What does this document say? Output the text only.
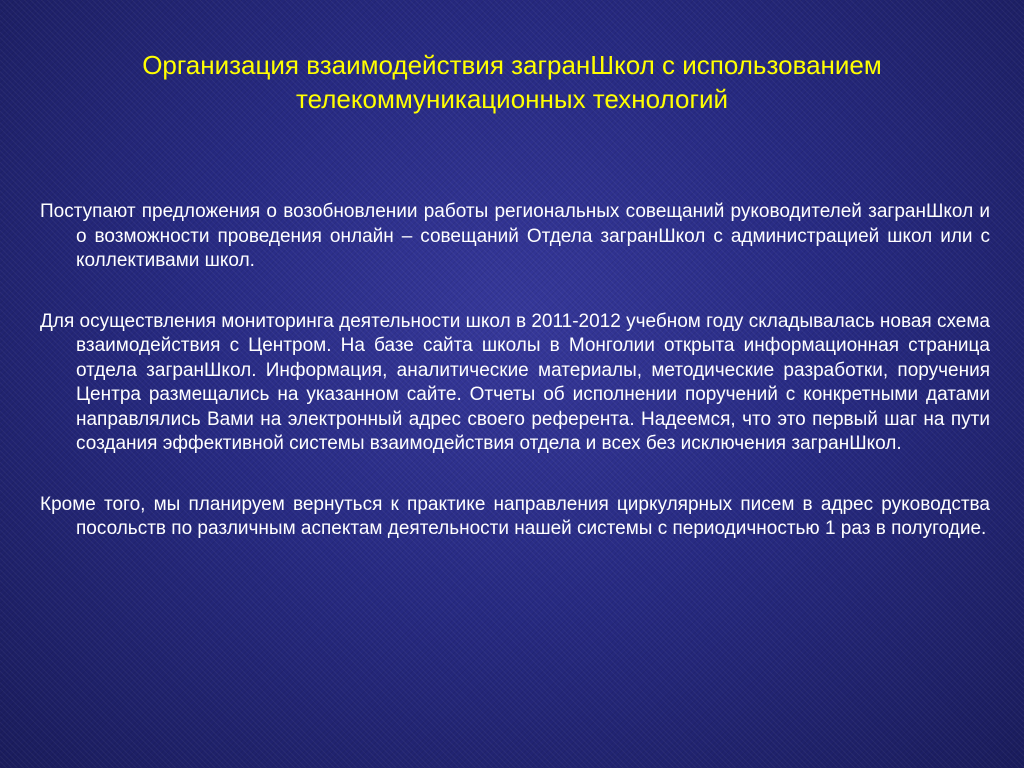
Организация взаимодействия загранШкол с использованием
телекоммуникационных технологий

Поступают предложения о возобновлении работы региональных совещаний руководителей загранШкол и о возможности проведения онлайн – совещаний Отдела загранШкол с администрацией школ или с коллективами школ.

Для осуществления мониторинга деятельности школ в 2011-2012 учебном году складывалась новая схема взаимодействия с Центром. На базе сайта школы в Монголии открыта информационная страница отдела загранШкол. Информация, аналитические материалы, методические разработки, поручения Центра размещались на указанном сайте. Отчеты об исполнении поручений с конкретными датами направлялись Вами на электронный адрес своего референта. Надеемся, что это первый шаг на пути создания эффективной системы взаимодействия отдела и всех без исключения загранШкол.

Кроме того, мы планируем вернуться к практике направления циркулярных писем в адрес руководства посольств по различным аспектам деятельности нашей системы с периодичностью 1 раз в полугодие.
